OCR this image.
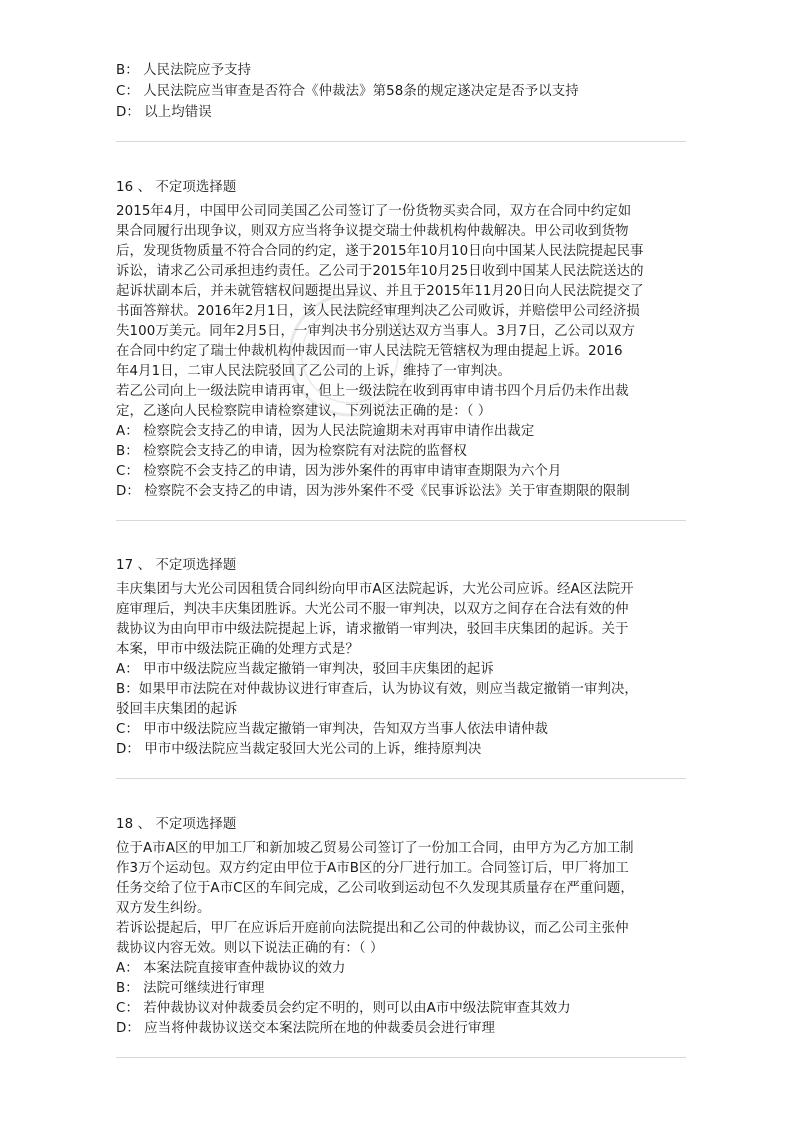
B： 人民法院应予支持
C： 人民法院应当审查是否符合《仲裁法》第58条的规定遂决定是否予以支持
D： 以上均错误
16 、 不定项选择题
2015年4月，中国甲公司同美国乙公司签订了一份货物买卖合同，双方在合同中约定如
果合同履行出现争议，则双方应当将争议提交瑞士仲裁机构仲裁解决。甲公司收到货物
后，发现货物质量不符合合同的约定，遂于2015年10月10日向中国某人民法院提起民事
诉讼，请求乙公司承担违约责任。乙公司于2015年10月25日收到中国某人民法院送达的
起诉状副本后，并未就管辖权问题提出异议、并且于2015年11月20日向人民法院提交了
书面答辩状。2016年2月1日，该人民法院经审理判决乙公司败诉，并赔偿甲公司经济损
失100万美元。同年2月5日，一审判决书分别送达双方当事人。3月7日，乙公司以双方
在合同中约定了瑞士仲裁机构仲裁因而一审人民法院无管辖权为理由提起上诉。2016
年4月1日，二审人民法院驳回了乙公司的上诉，维持了一审判决。
若乙公司向上一级法院申请再审，但上一级法院在收到再审申请书四个月后仍未作出裁
定，乙遂向人民检察院申请检察建议，下列说法正确的是：（ ）
A： 检察院会支持乙的申请，因为人民法院逾期未对再审申请作出裁定
B： 检察院会支持乙的申请，因为检察院有对法院的监督权
C： 检察院不会支持乙的申请，因为涉外案件的再审申请审查期限为六个月
D： 检察院不会支持乙的申请，因为涉外案件不受《民事诉讼法》关于审查期限的限制
17 、 不定项选择题
丰庆集团与大光公司因租赁合同纠纷向甲市A区法院起诉，大光公司应诉。经A区法院开
庭审理后，判决丰庆集团胜诉。大光公司不服一审判决，以双方之间存在合法有效的仲
裁协议为由向甲市中级法院提起上诉，请求撤销一审判决，驳回丰庆集团的起诉。关于
本案，甲市中级法院正确的处理方式是？
A： 甲市中级法院应当裁定撤销一审判决，驳回丰庆集团的起诉
B：如果甲市法院在对仲裁协议进行审查后，认为协议有效，则应当裁定撤销一审判决，
驳回丰庆集团的起诉
C： 甲市中级法院应当裁定撤销一审判决，告知双方当事人依法申请仲裁
D： 甲市中级法院应当裁定驳回大光公司的上诉，维持原判决
18 、 不定项选择题
位于A市A区的甲加工厂和新加坡乙贸易公司签订了一份加工合同，由甲方为乙方加工制
作3万个运动包。双方约定由甲位于A市B区的分厂进行加工。合同签订后，甲厂将加工
任务交给了位于A市C区的车间完成，乙公司收到运动包不久发现其质量存在严重问题，
双方发生纠纷。
若诉讼提起后，甲厂在应诉后开庭前向法院提出和乙公司的仲裁协议，而乙公司主张仲
裁协议内容无效。则以下说法正确的有：（ ）
A： 本案法院直接审查仲裁协议的效力
B： 法院可继续进行审理
C： 若仲裁协议对仲裁委员会约定不明的，则可以由A市中级法院审查其效力
D： 应当将仲裁协议送交本案法院所在地的仲裁委员会进行审理
